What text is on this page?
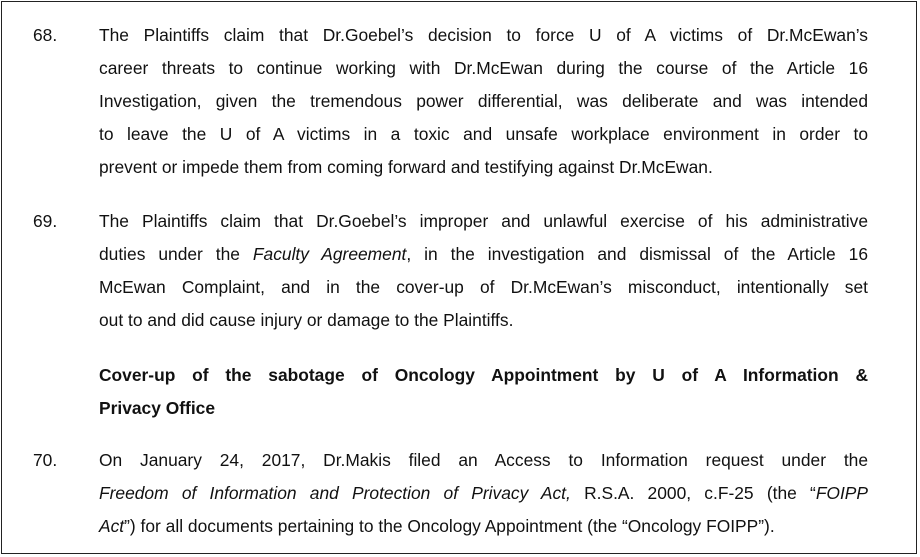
68. The Plaintiffs claim that Dr.Goebel’s decision to force U of A victims of Dr.McEwan’s
career threats to continue working with Dr.McEwan during the course of the Article 16
Investigation, given the tremendous power differential, was deliberate and was intended
to leave the U of A victims in a toxic and unsafe workplace environment in order to
prevent or impede them from coming forward and testifying against Dr.McEwan.
69. The Plaintiffs claim that Dr.Goebel’s improper and unlawful exercise of his administrative
duties under the Faculty Agreement, in the investigation and dismissal of the Article 16
McEwan Complaint, and in the cover-up of Dr.McEwan’s misconduct, intentionally set
out to and did cause injury or damage to the Plaintiffs.
Cover-up of the sabotage of Oncology Appointment by U of A Information &
Privacy Office
70. On January 24, 2017, Dr.Makis filed an Access to Information request under the
Freedom of Information and Protection of Privacy Act, R.S.A. 2000, c.F-25 (the “FOIPP
Act”) for all documents pertaining to the Oncology Appointment (the “Oncology FOIPP”).
